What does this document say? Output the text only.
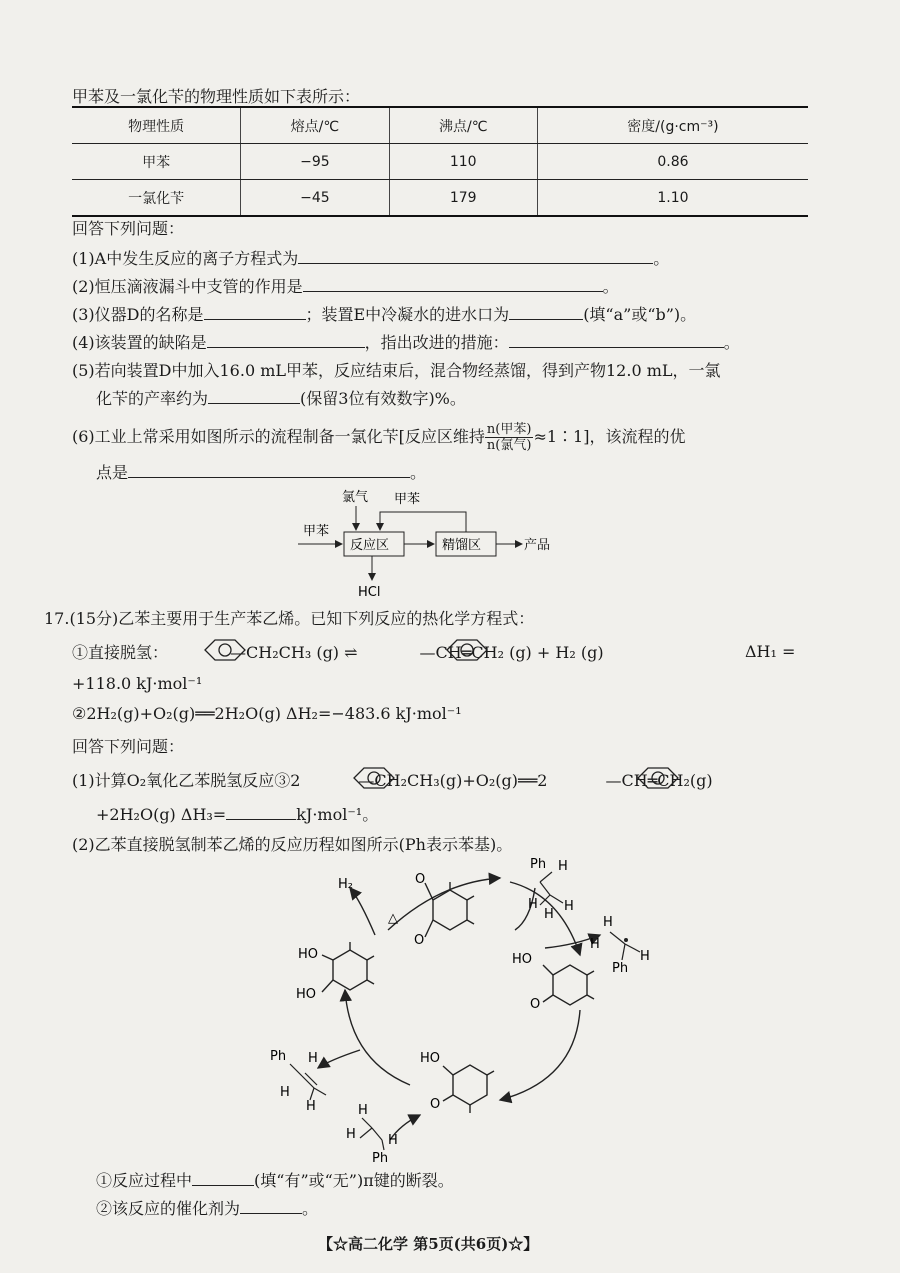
甲苯及一氯化苄的物理性质如下表所示：
物理性质	熔点/℃	沸点/℃	密度/(g·cm⁻³)
甲苯	−95	110	0.86
一氯化苄	−45	179	1.10
回答下列问题：
(1)A中发生反应的离子方程式为	。
(2)恒压滴液漏斗中支管的作用是	。
(3)仪器D的名称是	；装置E中冷凝水的进水口为	(填“a”或“b”)。
(4)该装置的缺陷是	，指出改进的措施：	。
(5)若向装置D中加入16.0 mL甲苯，反应结束后，混合物经蒸馏，得到产物12.0 mL，一氯
化苄的产率约为	(保留3位有效数字)%。
(6)工业上常采用如图所示的流程制备一氯化苄[反应区维持 $\frac{\text{n(甲苯)}}{\text{n(氯气)}}$ ≈1∶1]，该流程的优
点是	。
氯气 甲苯
甲苯
反应区	精馏区	产品
HCl
17.(15分)乙苯主要用于生产苯乙烯。已知下列反应的热化学方程式：
①直接脱氢：	—CH₂CH₃ (g) ⇌	—CH═CH₂ (g) + H₂ (g)	ΔH₁ =
+118.0 kJ·mol⁻¹
②2H₂(g)+O₂(g)══2H₂O(g) ΔH₂=−483.6 kJ·mol⁻¹
回答下列问题：
(1)计算O₂氧化乙苯脱氢反应③2	—CH₂CH₃(g)+O₂(g)══2	—CH═CH₂(g)
+2H₂O(g) ΔH₃=	kJ·mol⁻¹。
(2)乙苯直接脱氢制苯乙烯的反应历程如图所示(Ph表示苯基)。
O
O
HO
O
HO
HO
HO
O
H₂
△
Ph H
H
H
H
H
H
H
Ph
Ph H
H
H	H
H H
Ph
①反应过程中	(填“有”或“无”)π键的断裂。
②该反应的催化剂为	。
【☆高二化学 第5页(共6页)☆】
